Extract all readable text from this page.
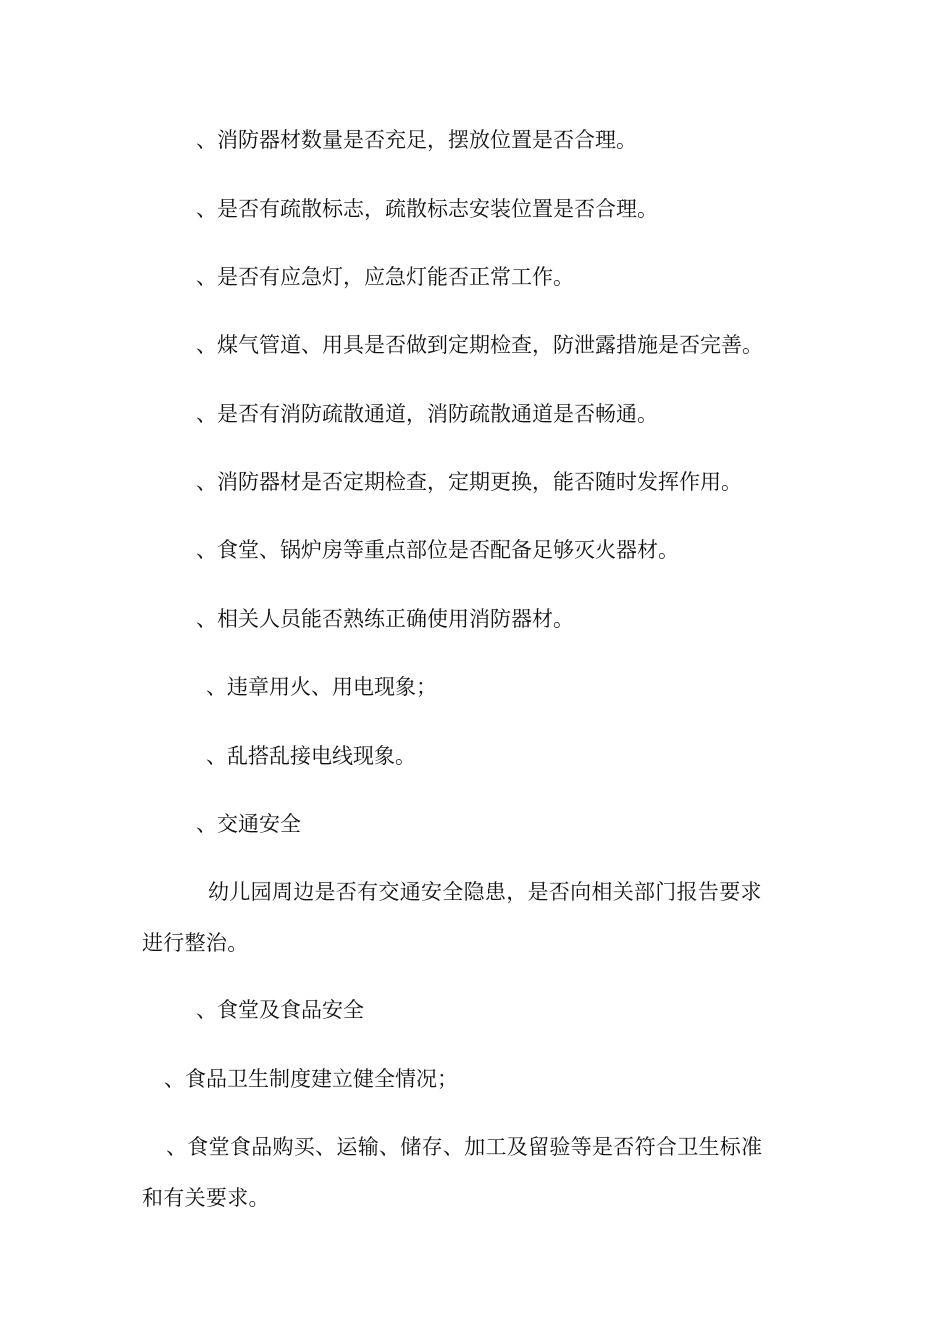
、消防器材数量是否充足，摆放位置是否合理。

、是否有疏散标志，疏散标志安装位置是否合理。

、是否有应急灯，应急灯能否正常工作。

、煤气管道、用具是否做到定期检查，防泄露措施是否完善。

、是否有消防疏散通道，消防疏散通道是否畅通。

、消防器材是否定期检查，定期更换，能否随时发挥作用。

、食堂、锅炉房等重点部位是否配备足够灭火器材。

、相关人员能否熟练正确使用消防器材。

、违章用火、用电现象；

、乱搭乱接电线现象。

、交通安全

幼儿园周边是否有交通安全隐患，是否向相关部门报告要求
进行整治。

、食堂及食品安全

、食品卫生制度建立健全情况；

、食堂食品购买、运输、储存、加工及留验等是否符合卫生标准
和有关要求。
